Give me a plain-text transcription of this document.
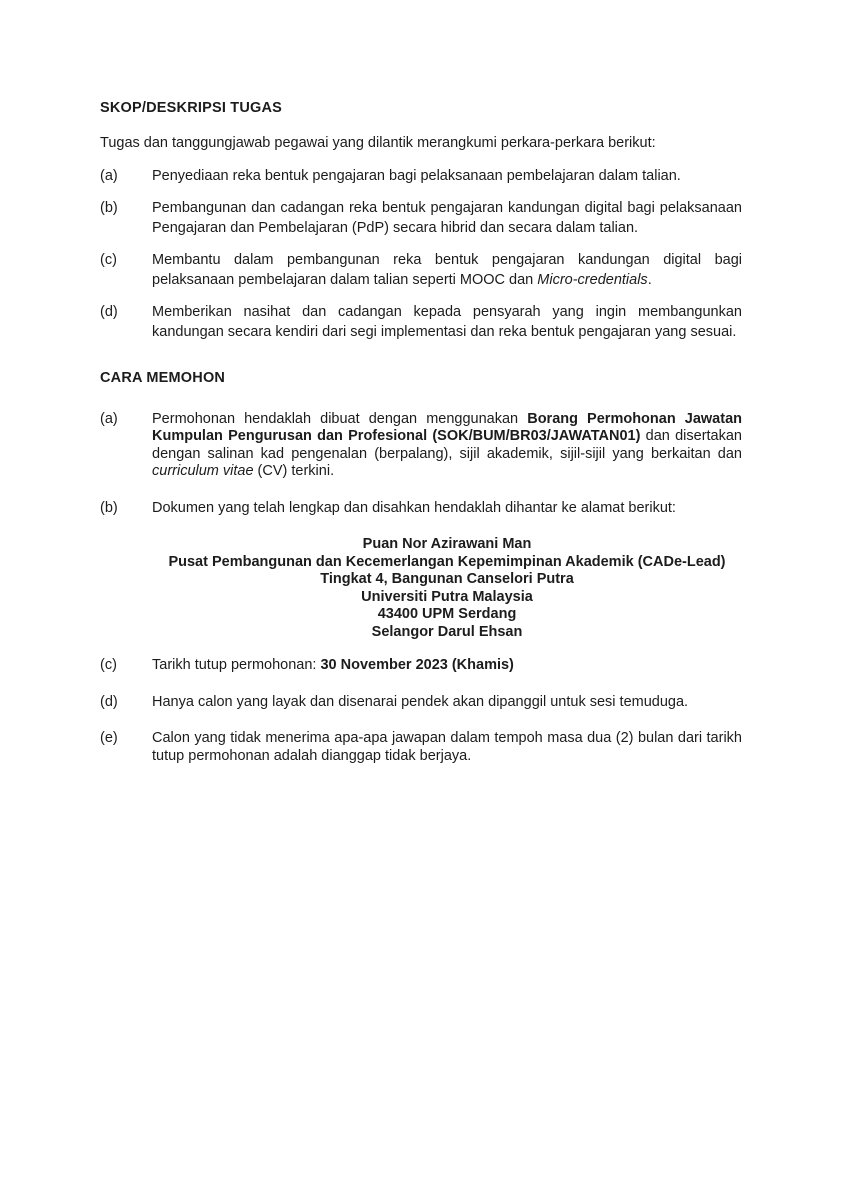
SKOP/DESKRIPSI TUGAS

Tugas dan tanggungjawab pegawai yang dilantik merangkumi perkara-perkara berikut:

(a)	Penyediaan reka bentuk pengajaran bagi pelaksanaan pembelajaran dalam talian.
(b)	Pembangunan dan cadangan reka bentuk pengajaran kandungan digital bagi pelaksanaan Pengajaran dan Pembelajaran (PdP) secara hibrid dan secara dalam talian.
(c)	Membantu dalam pembangunan reka bentuk pengajaran kandungan digital bagi pelaksanaan pembelajaran dalam talian seperti MOOC dan Micro-credentials.
(d)	Memberikan nasihat dan cadangan kepada pensyarah yang ingin membangunkan kandungan secara kendiri dari segi implementasi dan reka bentuk pengajaran yang sesuai.
CARA MEMOHON
(a)	Permohonan hendaklah dibuat dengan menggunakan Borang Permohonan Jawatan Kumpulan Pengurusan dan Profesional (SOK/BUM/BR03/JAWATAN01) dan disertakan dengan salinan kad pengenalan (berpalang), sijil akademik, sijil-sijil yang berkaitan dan curriculum vitae (CV) terkini.
(b)	Dokumen yang telah lengkap dan disahkan hendaklah dihantar ke alamat berikut:
Puan Nor Azirawani Man
Pusat Pembangunan dan Kecemerlangan Kepemimpinan Akademik (CADe-Lead)
Tingkat 4, Bangunan Canselori Putra
Universiti Putra Malaysia
43400 UPM Serdang
Selangor Darul Ehsan
(c)	Tarikh tutup permohonan: 30 November 2023 (Khamis)
(d)	Hanya calon yang layak dan disenarai pendek akan dipanggil untuk sesi temuduga.
(e)	Calon yang tidak menerima apa-apa jawapan dalam tempoh masa dua (2) bulan dari tarikh tutup permohonan adalah dianggap tidak berjaya.
